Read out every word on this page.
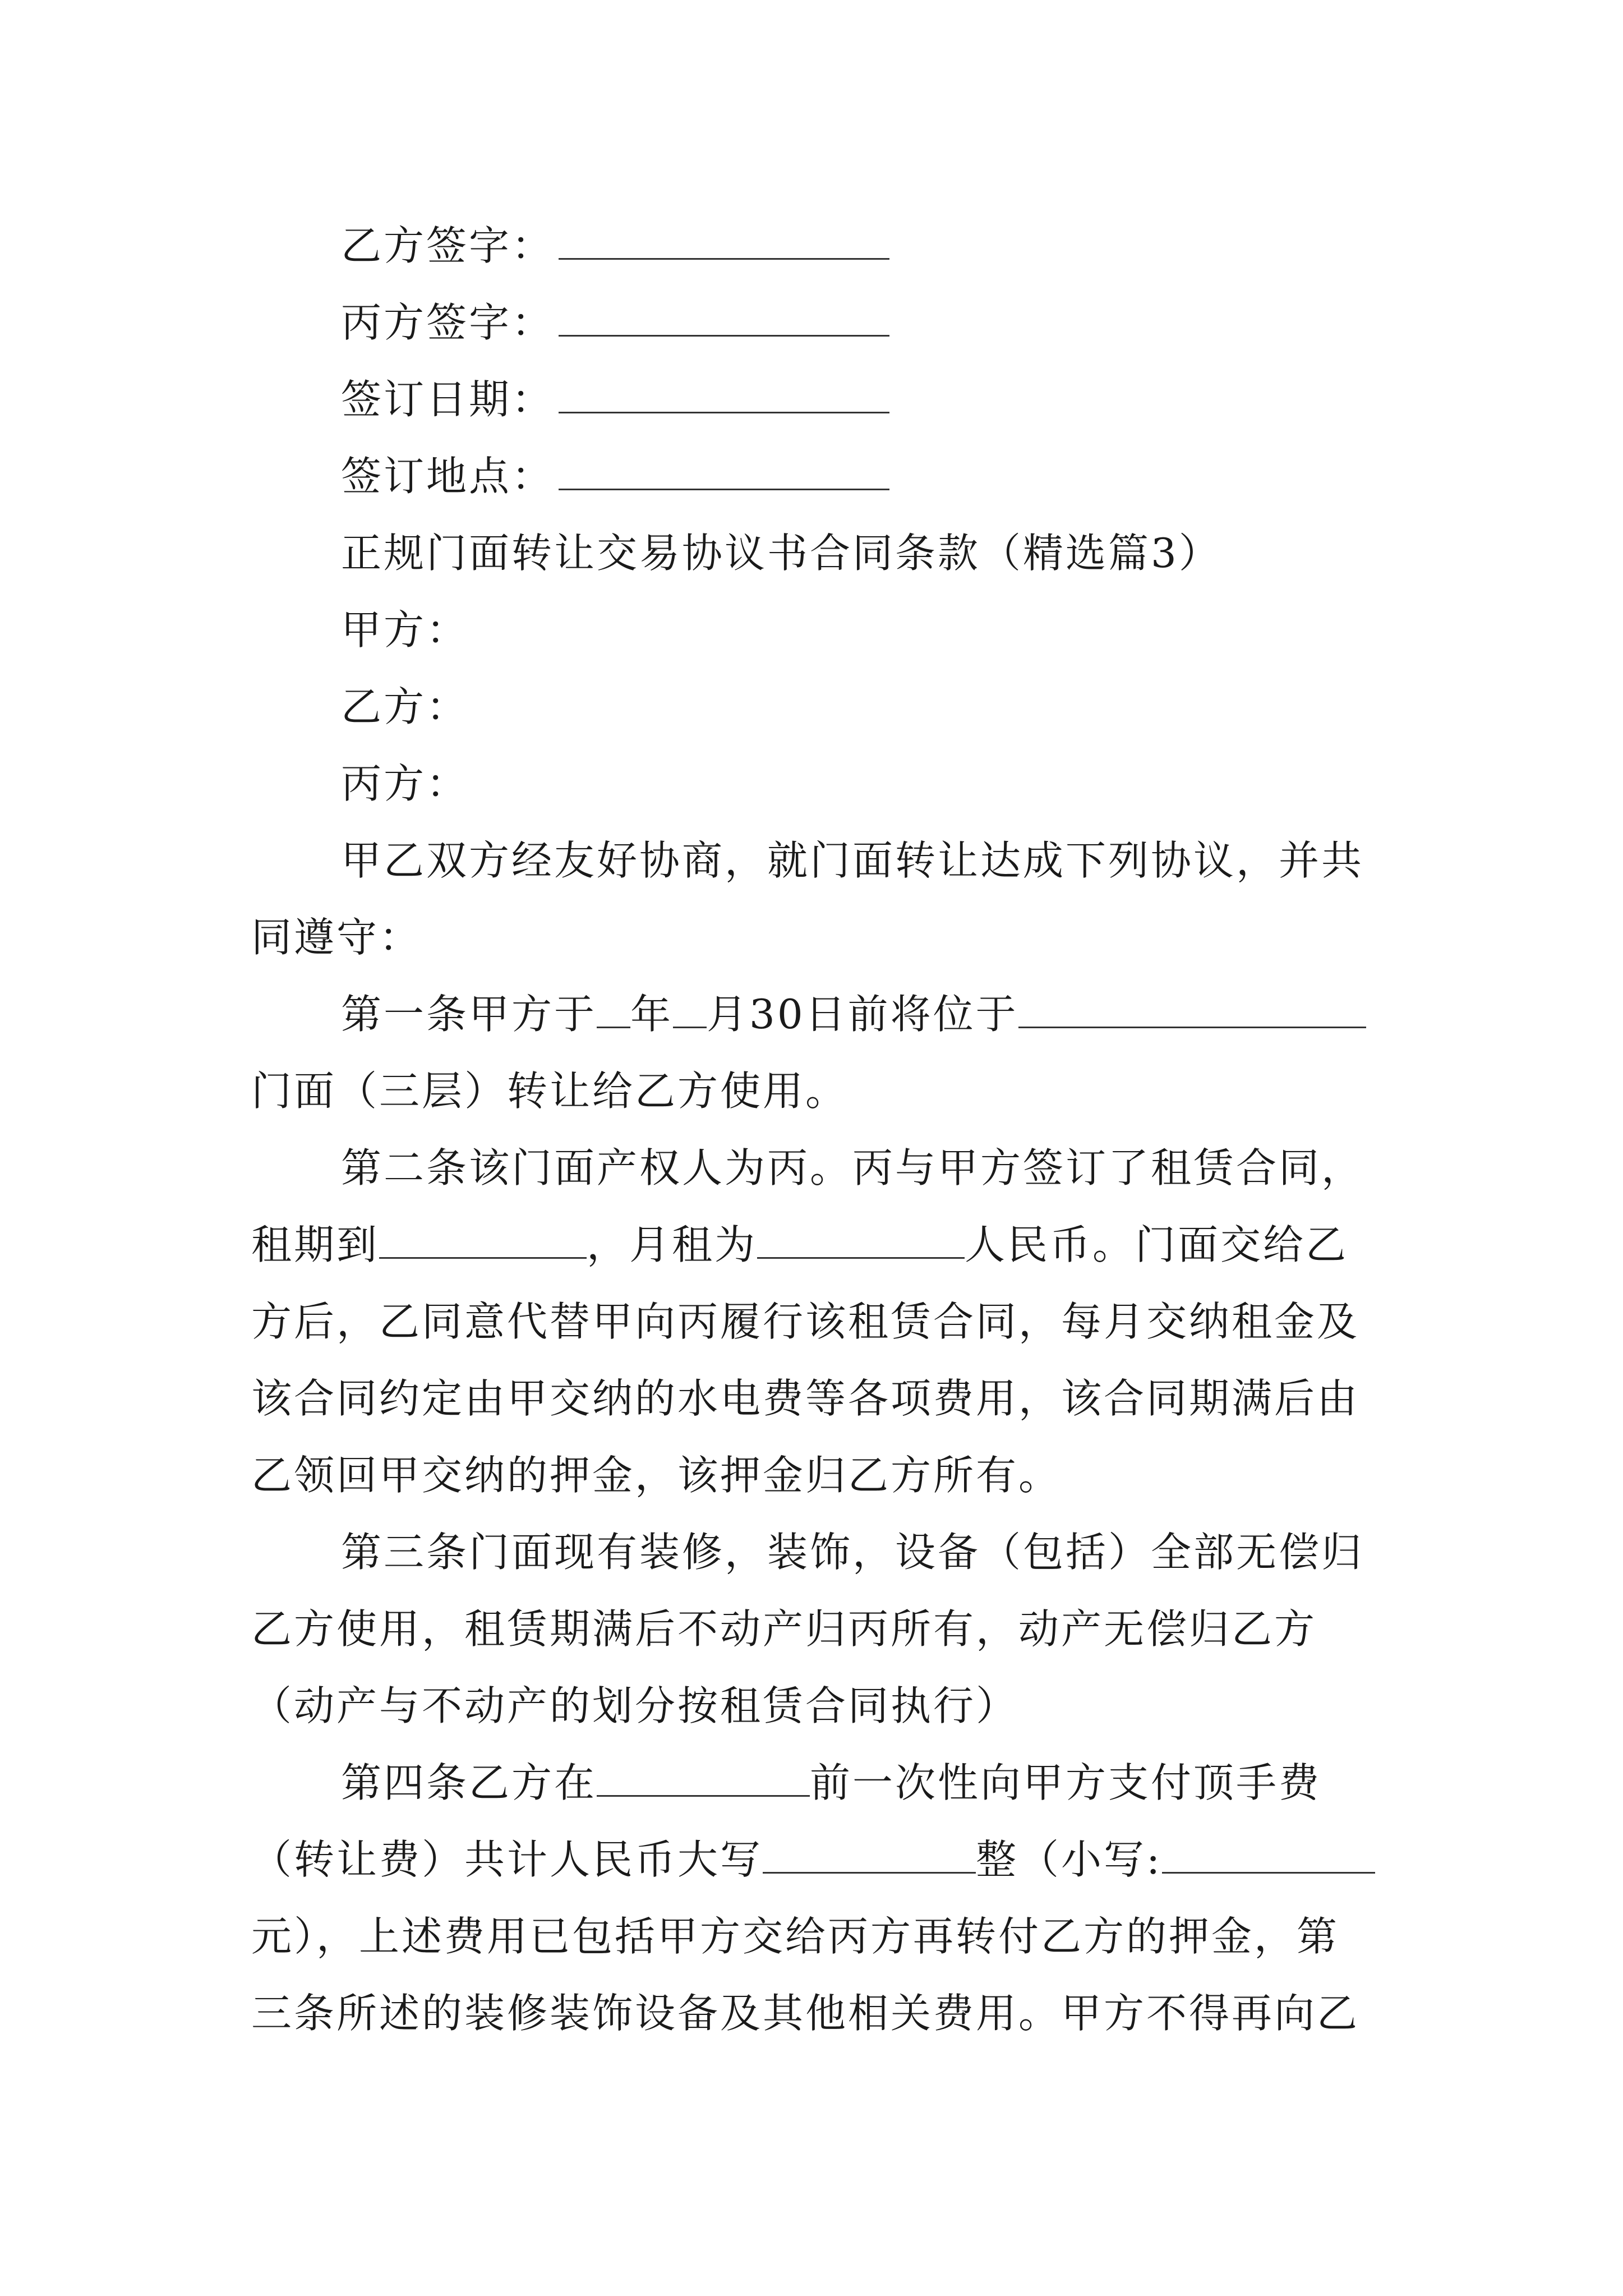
乙方签字：
丙方签字：
签订日期：
签订地点：
正规门面转让交易协议书合同条款（精选篇3）
甲方：
乙方：
丙方：
甲乙双方经友好协商，就门面转让达成下列协议，并共
同遵守：
第一条甲方于 年 月30日前将位于
门面（三层）转让给乙方使用。
第二条该门面产权人为丙。丙与甲方签订了租赁合同，
租期到	，月租为	人民币。门面交给乙
方后，乙同意代替甲向丙履行该租赁合同，每月交纳租金及
该合同约定由甲交纳的水电费等各项费用，该合同期满后由
乙领回甲交纳的押金，该押金归乙方所有。
第三条门面现有装修，装饰，设备（包括）全部无偿归
乙方使用，租赁期满后不动产归丙所有，动产无偿归乙方
（动产与不动产的划分按租赁合同执行）
第四条乙方在	前一次性向甲方支付顶手费
（转让费）共计人民币大写	整（小写:
元），上述费用已包括甲方交给丙方再转付乙方的押金，第
三条所述的装修装饰设备及其他相关费用。甲方不得再向乙
